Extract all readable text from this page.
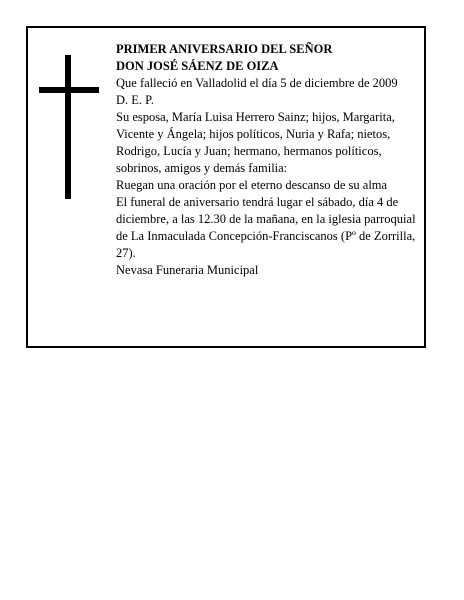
PRIMER ANIVERSARIO DEL SEÑOR

DON JOSÉ SÁENZ DE OIZA

Que falleció en Valladolid el día 5 de diciembre de 2009

D. E. P.

Su esposa, María Luisa Herrero Sainz; hijos, Margarita, Vicente y Ángela; hijos políticos, Nuria y Rafa; nietos, Rodrigo, Lucía y Juan; hermano, hermanos políticos, sobrinos, amigos y demás familia:

Ruegan una oración por el eterno descanso de su alma

El funeral de aniversario tendrá lugar el sábado, día 4 de diciembre, a las 12.30 de la mañana, en la iglesia parroquial de La Inmaculada Concepción-Franciscanos (Pº de Zorrilla, 27).

Nevasa Funeraria Municipal
